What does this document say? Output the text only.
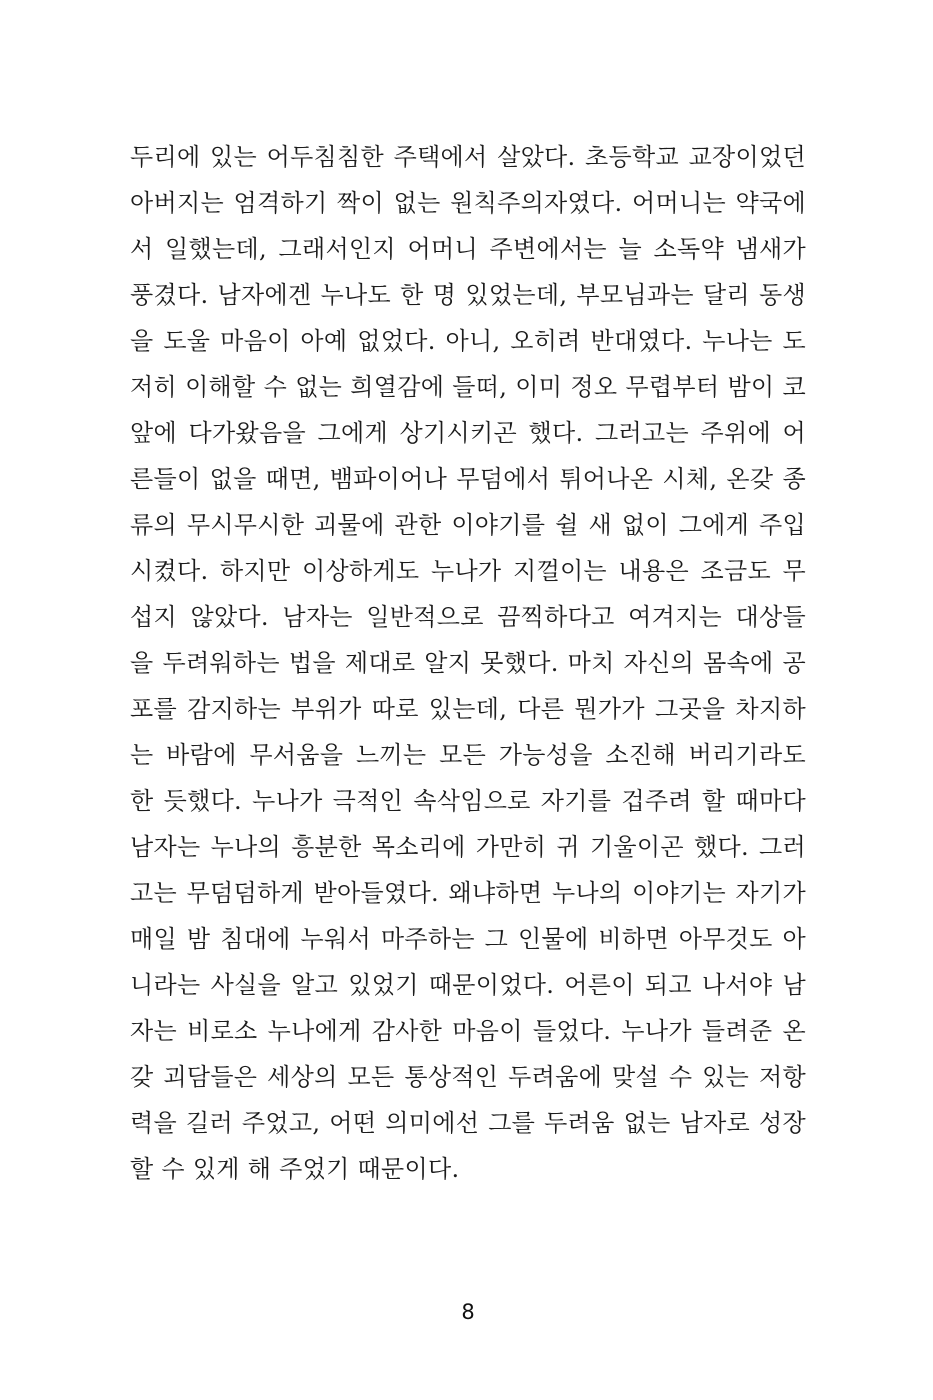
두리에 있는 어두침침한 주택에서 살았다. 초등학교 교장이었던
아버지는 엄격하기 짝이 없는 원칙주의자였다. 어머니는 약국에
서 일했는데, 그래서인지 어머니 주변에서는 늘 소독약 냄새가
풍겼다. 남자에겐 누나도 한 명 있었는데, 부모님과는 달리 동생
을 도울 마음이 아예 없었다. 아니, 오히려 반대였다. 누나는 도
저히 이해할 수 없는 희열감에 들떠, 이미 정오 무렵부터 밤이 코
앞에 다가왔음을 그에게 상기시키곤 했다. 그러고는 주위에 어
른들이 없을 때면, 뱀파이어나 무덤에서 튀어나온 시체, 온갖 종
류의 무시무시한 괴물에 관한 이야기를 쉴 새 없이 그에게 주입
시켰다. 하지만 이상하게도 누나가 지껄이는 내용은 조금도 무
섭지 않았다. 남자는 일반적으로 끔찍하다고 여겨지는 대상들
을 두려워하는 법을 제대로 알지 못했다. 마치 자신의 몸속에 공
포를 감지하는 부위가 따로 있는데, 다른 뭔가가 그곳을 차지하
는 바람에 무서움을 느끼는 모든 가능성을 소진해 버리기라도
한 듯했다. 누나가 극적인 속삭임으로 자기를 겁주려 할 때마다
남자는 누나의 흥분한 목소리에 가만히 귀 기울이곤 했다. 그러
고는 무덤덤하게 받아들였다. 왜냐하면 누나의 이야기는 자기가
매일 밤 침대에 누워서 마주하는 그 인물에 비하면 아무것도 아
니라는 사실을 알고 있었기 때문이었다. 어른이 되고 나서야 남
자는 비로소 누나에게 감사한 마음이 들었다. 누나가 들려준 온
갖 괴담들은 세상의 모든 통상적인 두려움에 맞설 수 있는 저항
력을 길러 주었고, 어떤 의미에선 그를 두려움 없는 남자로 성장
할 수 있게 해 주었기 때문이다.
8
